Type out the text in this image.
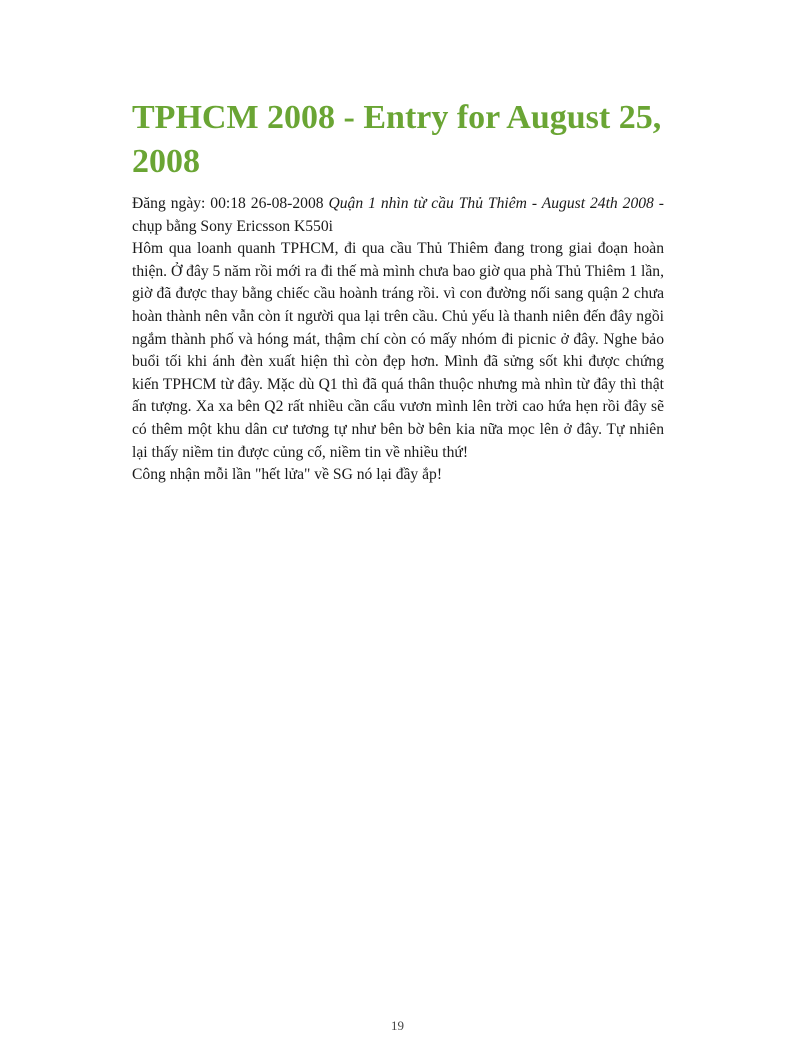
TPHCM 2008 - Entry for August 25, 2008

Đăng ngày: 00:18 26-08-2008 Quận 1 nhìn từ cầu Thủ Thiêm - August 24th 2008 - chụp bằng Sony Ericsson K550i

Hôm qua loanh quanh TPHCM, đi qua cầu Thủ Thiêm đang trong giai đoạn hoàn thiện. Ở đây 5 năm rồi mới ra đi thế mà mình chưa bao giờ qua phà Thủ Thiêm 1 lần, giờ đã được thay bằng chiếc cầu hoành tráng rồi. vì con đường nối sang quận 2 chưa hoàn thành nên vẫn còn ít người qua lại trên cầu. Chủ yếu là thanh niên đến đây ngồi ngắm thành phố và hóng mát, thậm chí còn có mấy nhóm đi picnic ở đây. Nghe bảo buổi tối khi ánh đèn xuất hiện thì còn đẹp hơn. Mình đã sửng sốt khi được chứng kiến TPHCM từ đây. Mặc dù Q1 thì đã quá thân thuộc nhưng mà nhìn từ đây thì thật ấn tượng. Xa xa bên Q2 rất nhiều cần cẩu vươn mình lên trời cao hứa hẹn rồi đây sẽ có thêm một khu dân cư tương tự như bên bờ bên kia nữa mọc lên ở đây. Tự nhiên lại thấy niềm tin được củng cố, niềm tin về nhiều thứ!

Công nhận mỗi lần "hết lửa" về SG nó lại đầy ắp!

19
